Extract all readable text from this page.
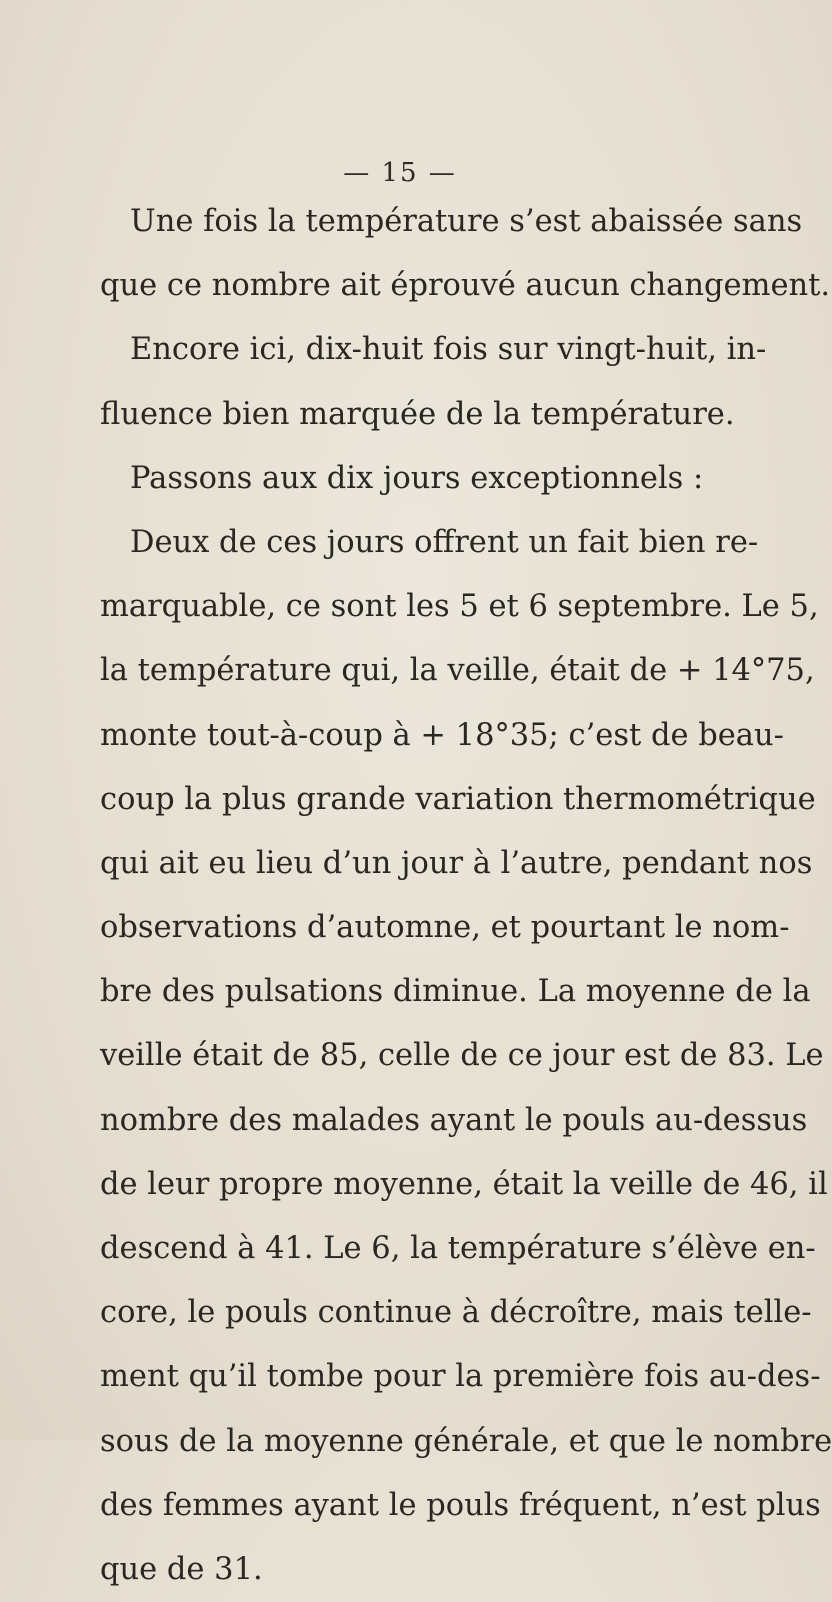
— 15 —
Une fois la température s’est abaissée sans
que ce nombre ait éprouvé aucun changement.
Encore ici, dix-huit fois sur vingt-huit, in-
fluence bien marquée de la température.
Passons aux dix jours exceptionnels :
Deux de ces jours offrent un fait bien re-
marquable, ce sont les 5 et 6 septembre. Le 5,
la température qui, la veille, était de + 14°75,
monte tout-à-coup à + 18°35; c’est de beau-
coup la plus grande variation thermométrique
qui ait eu lieu d’un jour à l’autre, pendant nos
observations d’automne, et pourtant le nom-
bre des pulsations diminue. La moyenne de la
veille était de 85, celle de ce jour est de 83. Le
nombre des malades ayant le pouls au-dessus
de leur propre moyenne, était la veille de 46, il
descend à 41. Le 6, la température s’élève en-
core, le pouls continue à décroître, mais telle-
ment qu’il tombe pour la première fois au-des-
sous de la moyenne générale, et que le nombre
des femmes ayant le pouls fréquent, n’est plus
que de 31.
